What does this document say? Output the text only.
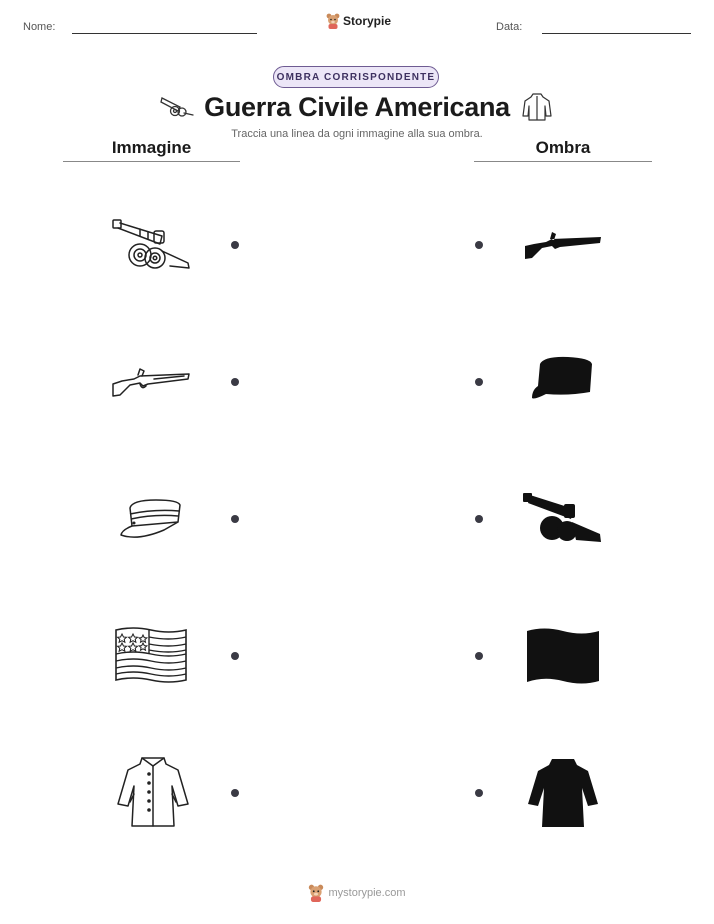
Nome:	Storypie	Data:
OMBRA CORRISPONDENTE
Guerra Civile Americana
Traccia una linea da ogni immagine alla sua ombra.
Immagine	Ombra
mystorypie.com
